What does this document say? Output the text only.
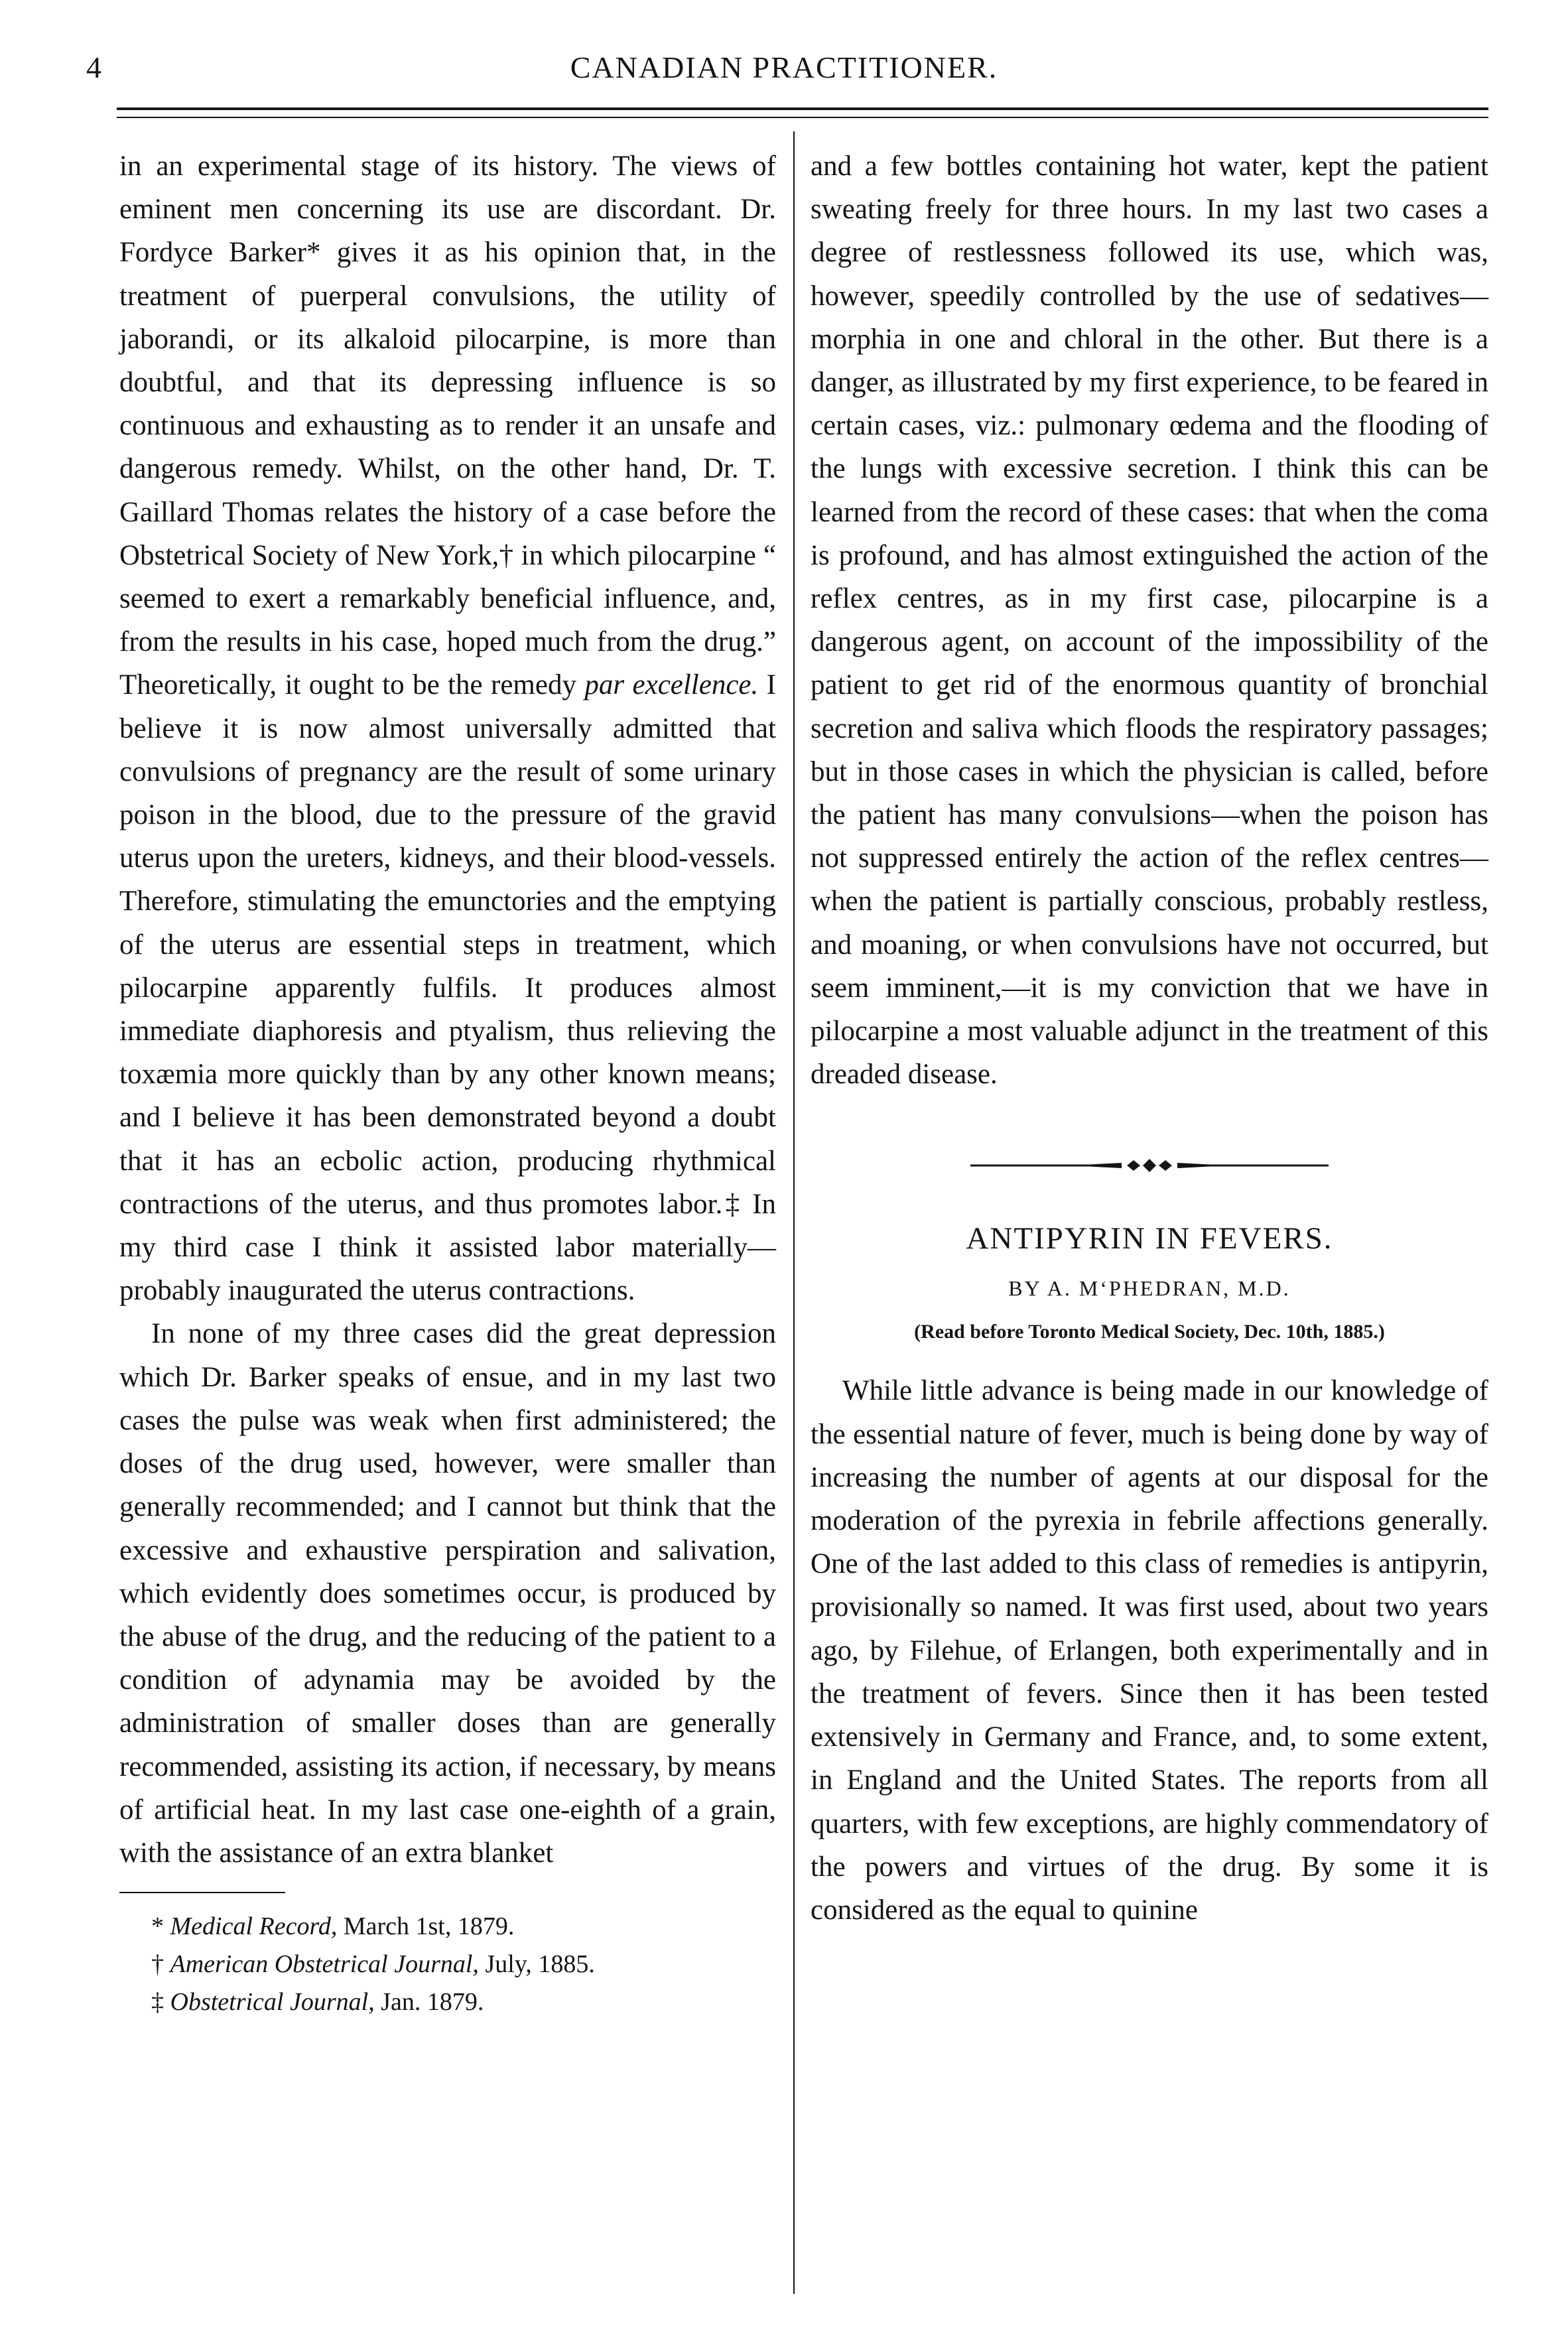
4	CANADIAN PRACTITIONER.

in an experimental stage of its history. The views of eminent men concerning its use are discordant. Dr. Fordyce Barker* gives it as his opinion that, in the treatment of puerperal convulsions, the utility of jaborandi, or its alkaloid pilocarpine, is more than doubtful, and that its depressing influence is so continuous and exhausting as to render it an unsafe and dangerous remedy. Whilst, on the other hand, Dr. T. Gaillard Thomas relates the history of a case before the Obstetrical Society of New York,† in which pilocarpine “ seemed to exert a remarkably beneficial influence, and, from the results in his case, hoped much from the drug.” Theoretically, it ought to be the remedy par excellence. I believe it is now almost universally admitted that convulsions of pregnancy are the result of some urinary poison in the blood, due to the pressure of the gravid uterus upon the ureters, kidneys, and their blood-vessels. Therefore, stimulating the emunctories and the emptying of the uterus are essential steps in treatment, which pilocarpine apparently fulfils. It produces almost immediate diaphoresis and ptyalism, thus relieving the toxæmia more quickly than by any other known means; and I believe it has been demonstrated beyond a doubt that it has an ecbolic action, producing rhythmical contractions of the uterus, and thus promotes labor.‡ In my third case I think it assisted labor materially—probably inaugurated the uterus contractions.

In none of my three cases did the great depression which Dr. Barker speaks of ensue, and in my last two cases the pulse was weak when first administered; the doses of the drug used, however, were smaller than generally recommended; and I cannot but think that the excessive and exhaustive perspiration and salivation, which evidently does sometimes occur, is produced by the abuse of the drug, and the reducing of the patient to a condition of adynamia may be avoided by the administration of smaller doses than are generally recommended, assisting its action, if necessary, by means of artificial heat. In my last case one-eighth of a grain, with the assistance of an extra blanket

* Medical Record, March 1st, 1879.
† American Obstetrical Journal, July, 1885.
‡ Obstetrical Journal, Jan. 1879.

and a few bottles containing hot water, kept the patient sweating freely for three hours. In my last two cases a degree of restlessness followed its use, which was, however, speedily controlled by the use of sedatives—morphia in one and chloral in the other. But there is a danger, as illustrated by my first experience, to be feared in certain cases, viz.: pulmonary œdema and the flooding of the lungs with excessive secretion. I think this can be learned from the record of these cases: that when the coma is profound, and has almost extinguished the action of the reflex centres, as in my first case, pilocarpine is a dangerous agent, on account of the impossibility of the patient to get rid of the enormous quantity of bronchial secretion and saliva which floods the respiratory passages; but in those cases in which the physician is called, before the patient has many convulsions—when the poison has not suppressed entirely the action of the reflex centres—when the patient is partially conscious, probably restless, and moaning, or when convulsions have not occurred, but seem imminent,—it is my conviction that we have in pilocarpine a most valuable adjunct in the treatment of this dreaded disease.

ANTIPYRIN IN FEVERS.
BY A. M‘PHEDRAN, M.D.
(Read before Toronto Medical Society, Dec. 10th, 1885.)

While little advance is being made in our knowledge of the essential nature of fever, much is being done by way of increasing the number of agents at our disposal for the moderation of the pyrexia in febrile affections generally. One of the last added to this class of remedies is antipyrin, provisionally so named. It was first used, about two years ago, by Filehue, of Erlangen, both experimentally and in the treatment of fevers. Since then it has been tested extensively in Germany and France, and, to some extent, in England and the United States. The reports from all quarters, with few exceptions, are highly commendatory of the powers and virtues of the drug. By some it is considered as the equal to quinine
